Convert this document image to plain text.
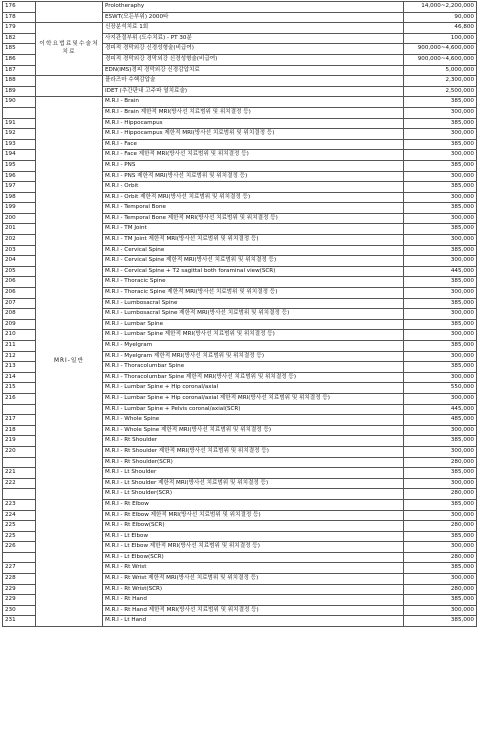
176		Prolotheraphy	14,000~2,200,000
178		ESWT(모든부위) 2000타	90,000
179	이학요법료및수술처치료	신장분석치료 1회	46,800
182		사지관절부위 (도수치료) - PT 30분	100,000
185		경피적 경막외강 신경성형술(비급여)	900,000~4,600,000
186		경피적 경막외강 경막외강 신경성형술(비급여)	900,000~4,600,000
187		EDN(IMS)경피 경막외강 신경감압치료	5,000,000
188		플라즈마 수핵감압술	2,300,000
189		IDET (추간판내 고주파 열치료술)	2,500,000
190	MRI-일반	M.R.I - Brain	385,000
		M.R.I - Brain 제한적 MRI(방사선 치료범위 및 위치결정 등)	300,000
191		M.R.I - Hippocampus	385,000
192		M.R.I - Hippocampus 제한적 MRI(방사선 치료범위 및 위치결정 등)	300,000
193		M.R.I - Face	385,000
194		M.R.I - Face 제한적 MRI(방사선 치료범위 및 위치결정 등)	300,000
195		M.R.I - PNS	385,000
196		M.R.I - PNS 제한적 MRI(방사선 치료범위 및 위치결정 등)	300,000
197		M.R.I - Orbit	385,000
198		M.R.I - Orbit 제한적 MRI(방사선 치료범위 및 위치결정 등)	300,000
199		M.R.I - Temporal Bone	385,000
200		M.R.I - Temporal Bone 제한적 MRI(방사선 치료범위 및 위치결정 등)	300,000
201		M.R.I - TM Joint	385,000
202		M.R.I - TM Joint 제한적 MRI(방사선 치료범위 및 위치결정 등)	300,000
203		M.R.I - Cervical Spine	385,000
204		M.R.I - Cervical Spine 제한적 MRI(방사선 치료범위 및 위치결정 등)	300,000
205		M.R.I - Cervical Spine + T2 sagittal both foraminal view(SCR)	445,000
206		M.R.I - Thoracic Spine	385,000
206		M.R.I - Thoracic Spine 제한적 MRI(방사선 치료범위 및 위치결정 등)	300,000
207		M.R.I - Lumbosacral Spine	385,000
208		M.R.I - Lumbosacral Spine 제한적 MRI(방사선 치료범위 및 위치결정 등)	300,000
209		M.R.I - Lumbar Spine	385,000
210		M.R.I - Lumbar Spine 제한적 MRI(방사선 치료범위 및 위치결정 등)	300,000
211		M.R.I - Myelgram	385,000
212		M.R.I - Myelgram 제한적 MRI(방사선 치료범위 및 위치결정 등)	300,000
213		M.R.I - Thoracolumbar Spine	385,000
214		M.R.I - Thoracolumbar Spine 제한적 MRI(방사선 치료범위 및 위치결정 등)	300,000
215		M.R.I - Lumbar Spine + Hip coronal/axial	550,000
216		M.R.I - Lumbar Spine + Hip coronal/axial 제한적 MRI(방사선 치료범위 및 위치결정 등)	300,000
		M.R.I - Lumbar Spine + Pelvis coronal/axial(SCR)	445,000
217		M.R.I - Whole Spine	485,000
218		M.R.I - Whole Spine 제한적 MRI(방사선 치료범위 및 위치결정 등)	300,000
219		M.R.I - Rt Shoulder	385,000
220		M.R.I - Rt Shoulder 제한적 MRI(방사선 치료범위 및 위치결정 등)	300,000
		M.R.I - Rt Shoulder(SCR)	280,000
221		M.R.I - Lt Shoulder	385,000
222		M.R.I - Lt Shoulder 제한적 MRI(방사선 치료범위 및 위치결정 등)	300,000
		M.R.I - Lt Shoulder(SCR)	280,000
223		M.R.I - Rt Elbow	385,000
224		M.R.I - Rt Elbow 제한적 MRI(방사선 치료범위 및 위치결정 등)	300,000
225		M.R.I - Rt Elbow(SCR)	280,000
225		M.R.I - Lt Elbow	385,000
226		M.R.I - Lt Elbow 제한적 MRI(방사선 치료범위 및 위치결정 등)	300,000
		M.R.I - Lt Elbow(SCR)	280,000
227		M.R.I - Rt Wrist	385,000
228		M.R.I - Rt Wrist 제한적 MRI(방사선 치료범위 및 위치결정 등)	300,000
229		M.R.I - Rt Wrist(SCR)	280,000
229		M.R.I - Rt Hand	385,000
230		M.R.I - Rt Hand 제한적 MRI(방사선 치료범위 및 위치결정 등)	300,000
231		M.R.I - Lt Hand	385,000
